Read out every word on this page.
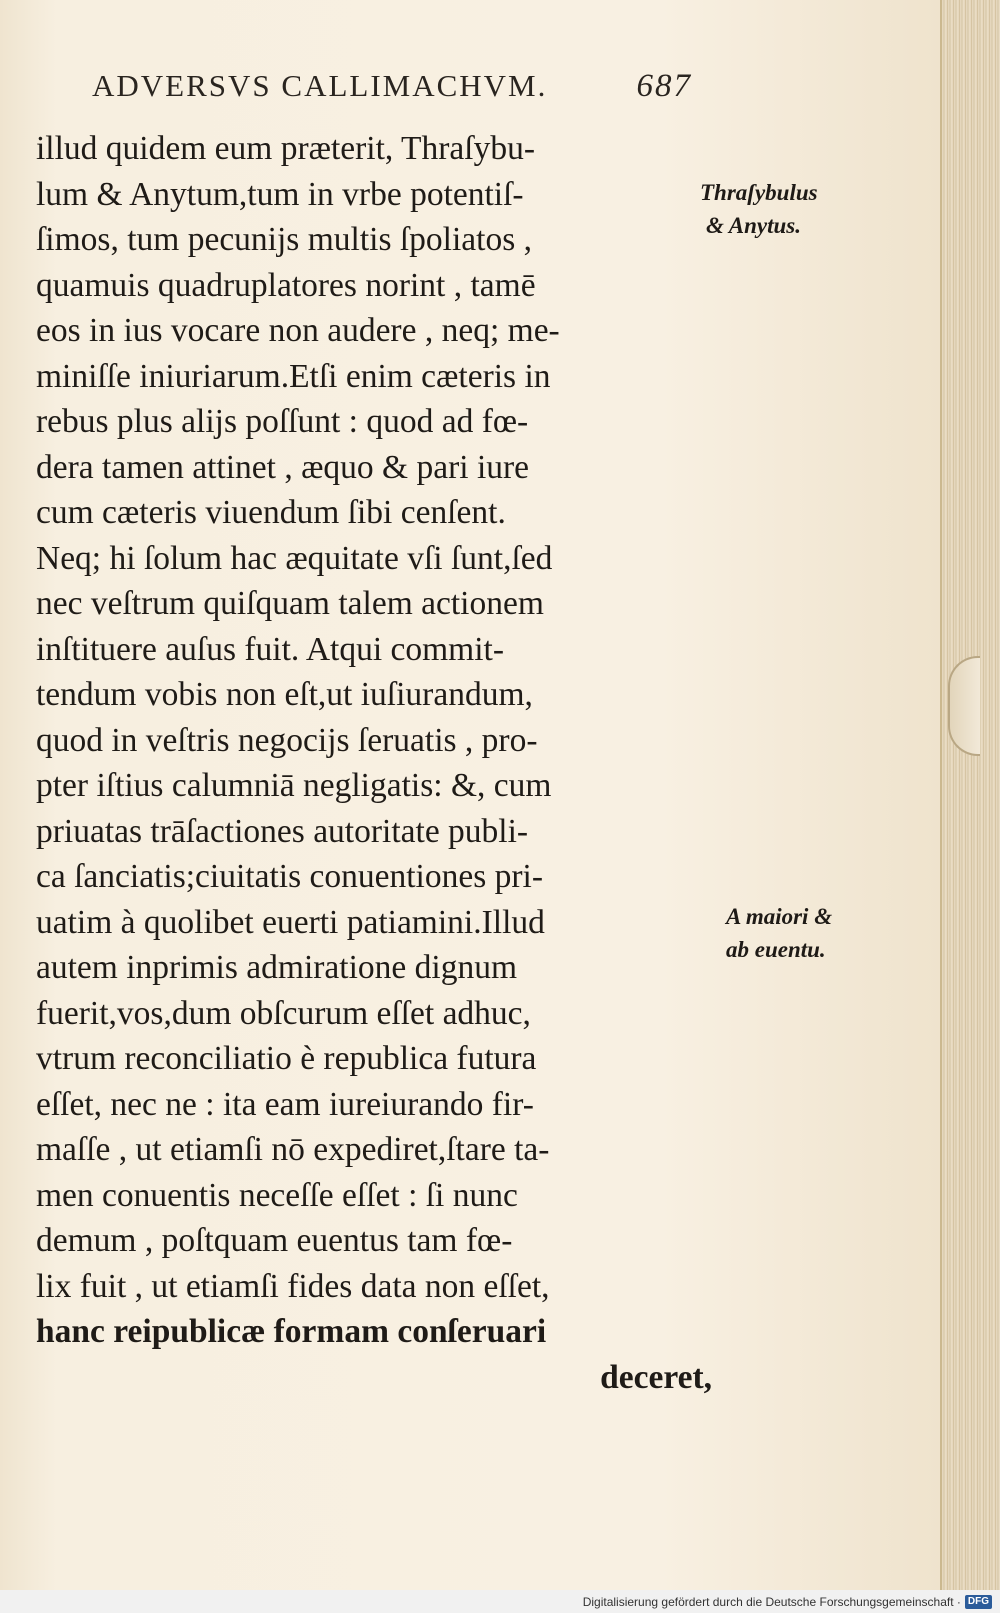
ADVERSVS CALLIMACHVM.	687
illud quidem eum præterit, Thraſybu-
lum & Anytum,tum in vrbe potentiſ-
ſimos, tum pecunijs multis ſpoliatos ,
quamuis quadruplatores norint , tamē
eos in ius vocare non audere , neq; me-
miniſſe iniuriarum.Etſi enim cæteris in
rebus plus alijs poſſunt : quod ad fœ-
dera tamen attinet , æquo & pari iure
cum cæteris viuendum ſibi cenſent.
Neq; hi ſolum hac æquitate vſi ſunt,ſed
nec veſtrum quiſquam talem actionem
inſtituere auſus fuit. Atqui commit-
tendum vobis non eſt,ut iuſiurandum,
quod in veſtris negocijs ſeruatis , pro-
pter iſtius calumniā negligatis: &, cum
priuatas trāſactiones autoritate publi-
ca ſanciatis;ciuitatis conuentiones pri-
uatim à quolibet euerti patiamini.Illud
autem inprimis admiratione dignum
fuerit,vos,dum obſcurum eſſet adhuc,
vtrum reconciliatio è republica futura
eſſet, nec ne : ita eam iureiurando fir-
maſſe , ut etiamſi nō expediret,ſtare ta-
men conuentis neceſſe eſſet : ſi nunc
demum , poſtquam euentus tam fœ-
lix fuit , ut etiamſi fides data non eſſet,
hanc reipublicæ formam conſeruari
deceret,
Thraſybulus
& Anytus.
A maiori &
ab euentu.
Digitalisierung gefördert durch die Deutsche Forschungsgemeinschaft · DFG
